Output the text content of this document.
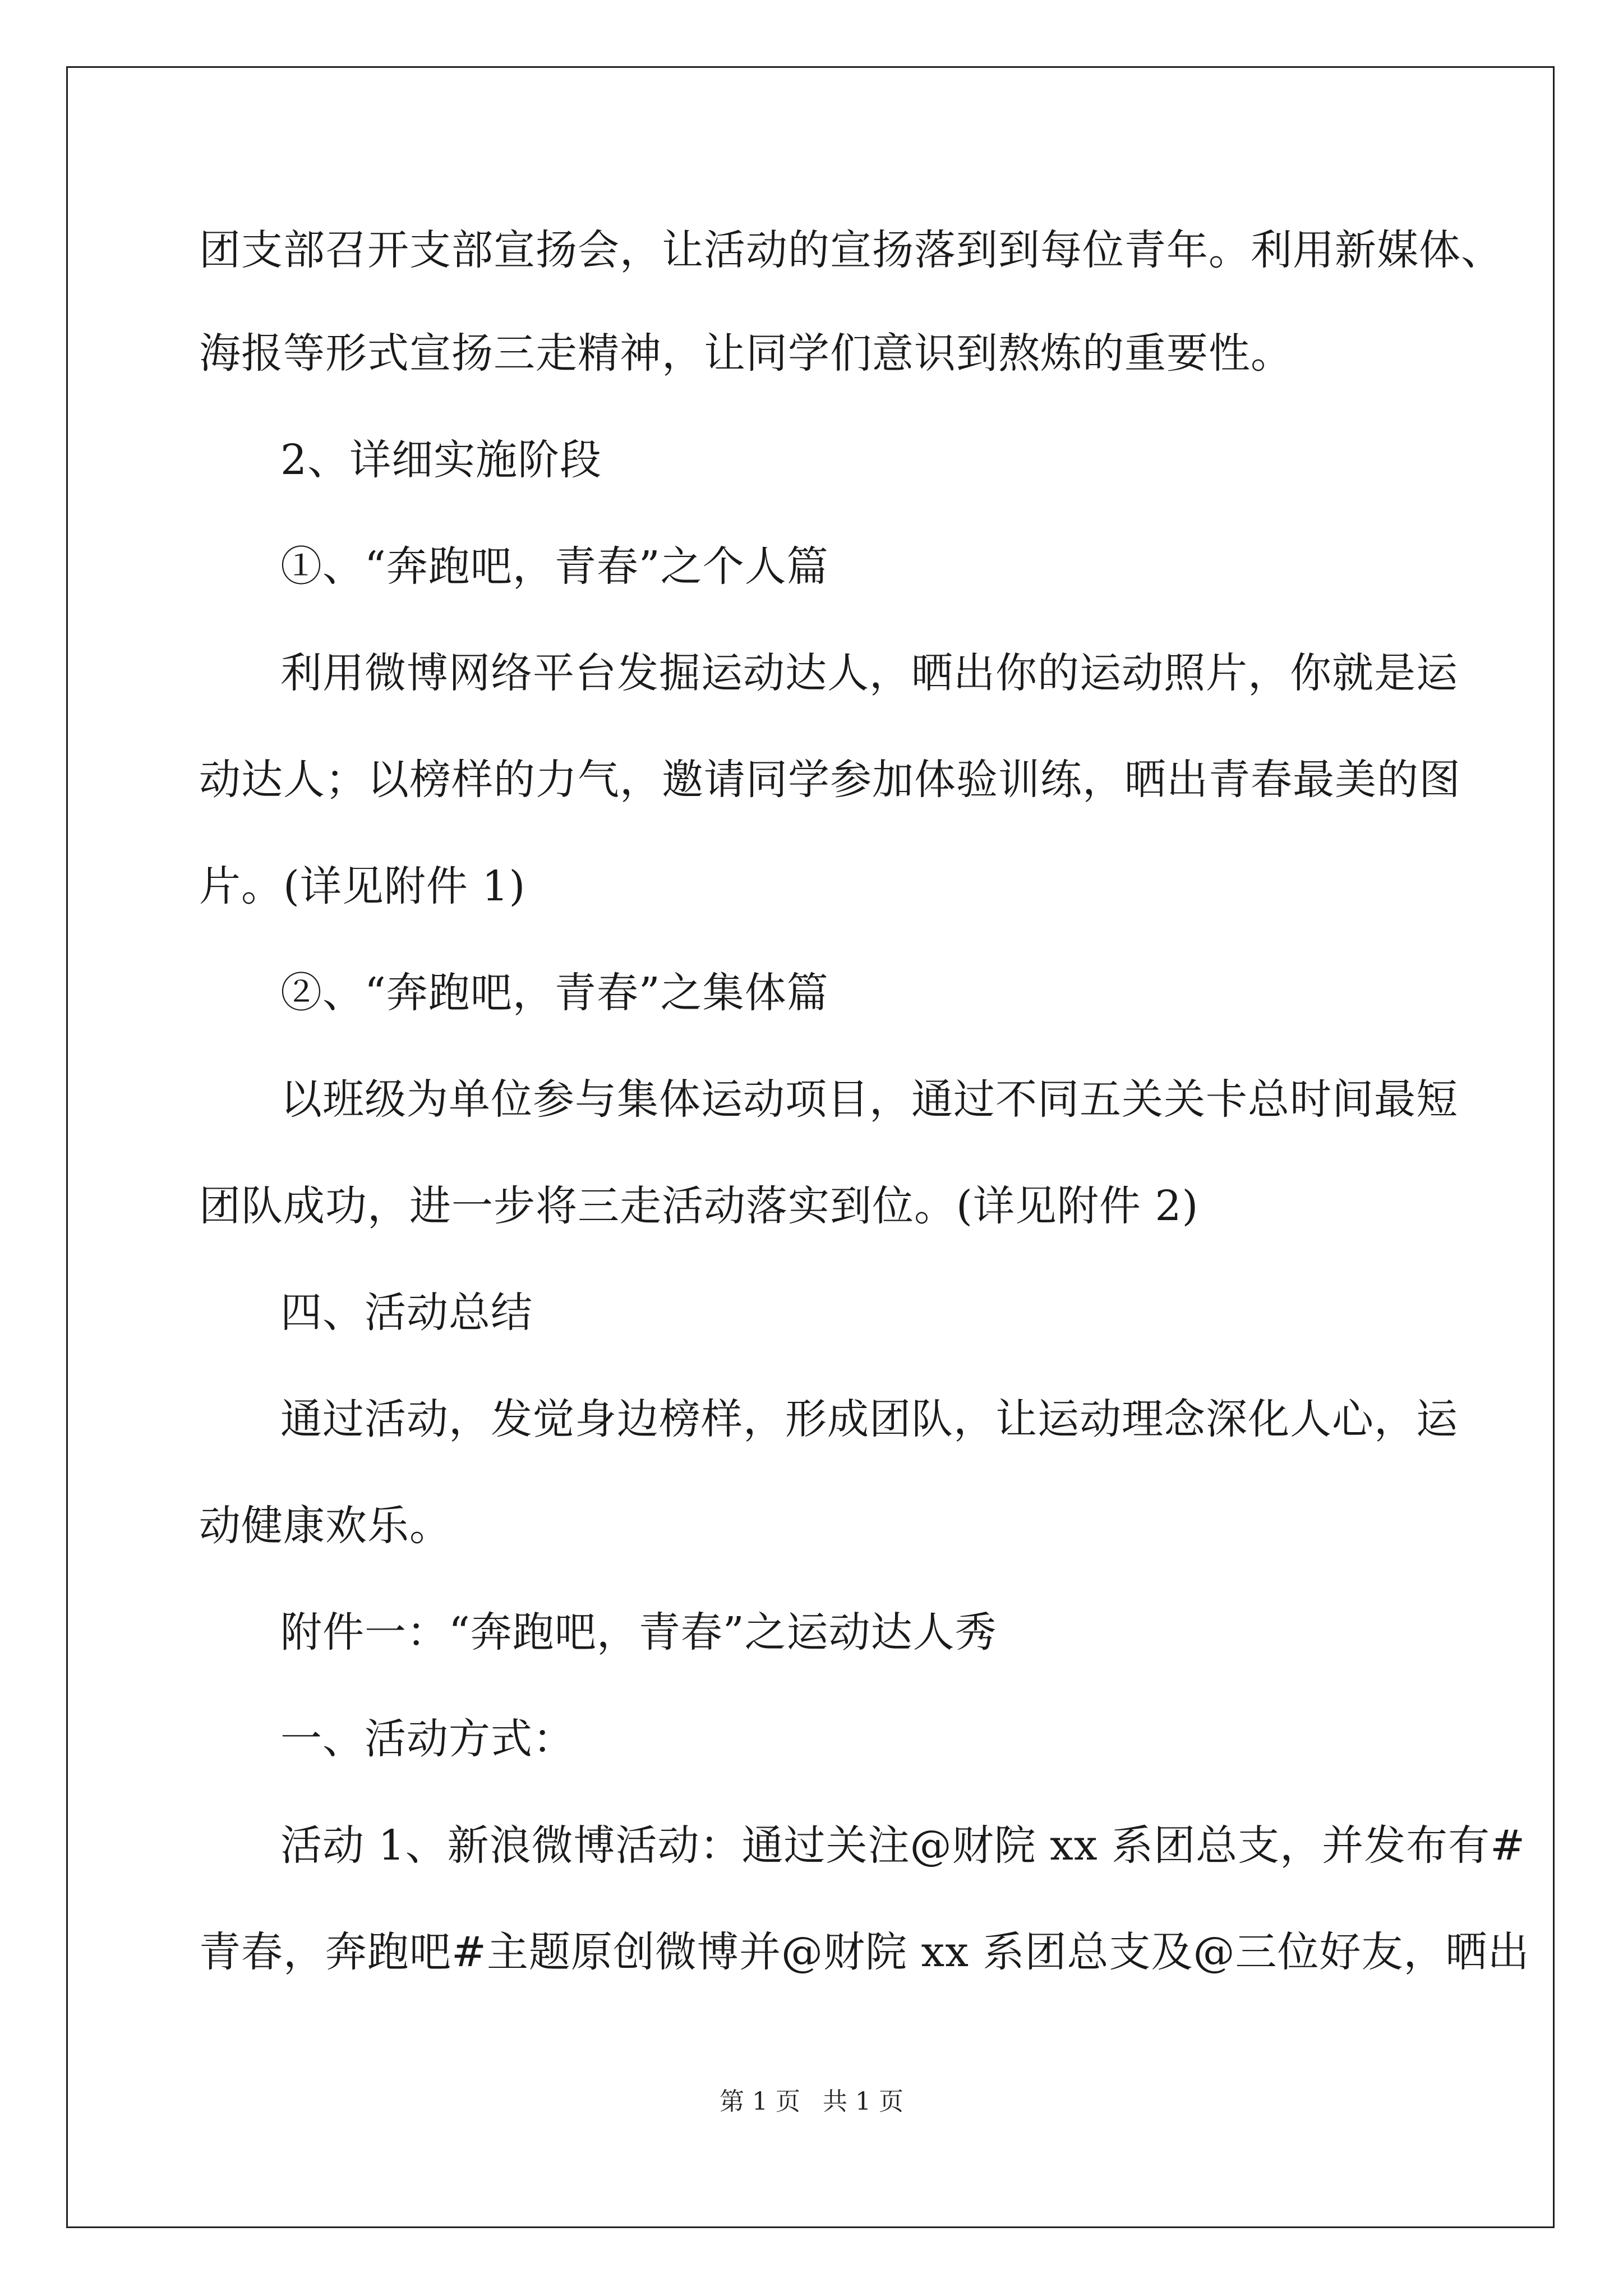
团支部召开支部宣扬会，让活动的宣扬落到到每位青年。利用新媒体、
海报等形式宣扬三走精神，让同学们意识到熬炼的重要性。
2、详细实施阶段
①、“奔跑吧，青春”之个人篇
利用微博网络平台发掘运动达人，晒出你的运动照片，你就是运
动达人；以榜样的力气，邀请同学参加体验训练，晒出青春最美的图
片。(详见附件 1)
②、“奔跑吧，青春”之集体篇
以班级为单位参与集体运动项目，通过不同五关关卡总时间最短
团队成功，进一步将三走活动落实到位。(详见附件 2)
四、活动总结
通过活动，发觉身边榜样，形成团队，让运动理念深化人心，运
动健康欢乐。
附件一：“奔跑吧，青春”之运动达人秀
一、活动方式：
活动 1、新浪微博活动：通过关注@财院 xx 系团总支，并发布有#
青春，奔跑吧#主题原创微博并@财院 xx 系团总支及@三位好友，晒出
第 1 页 共 1 页
